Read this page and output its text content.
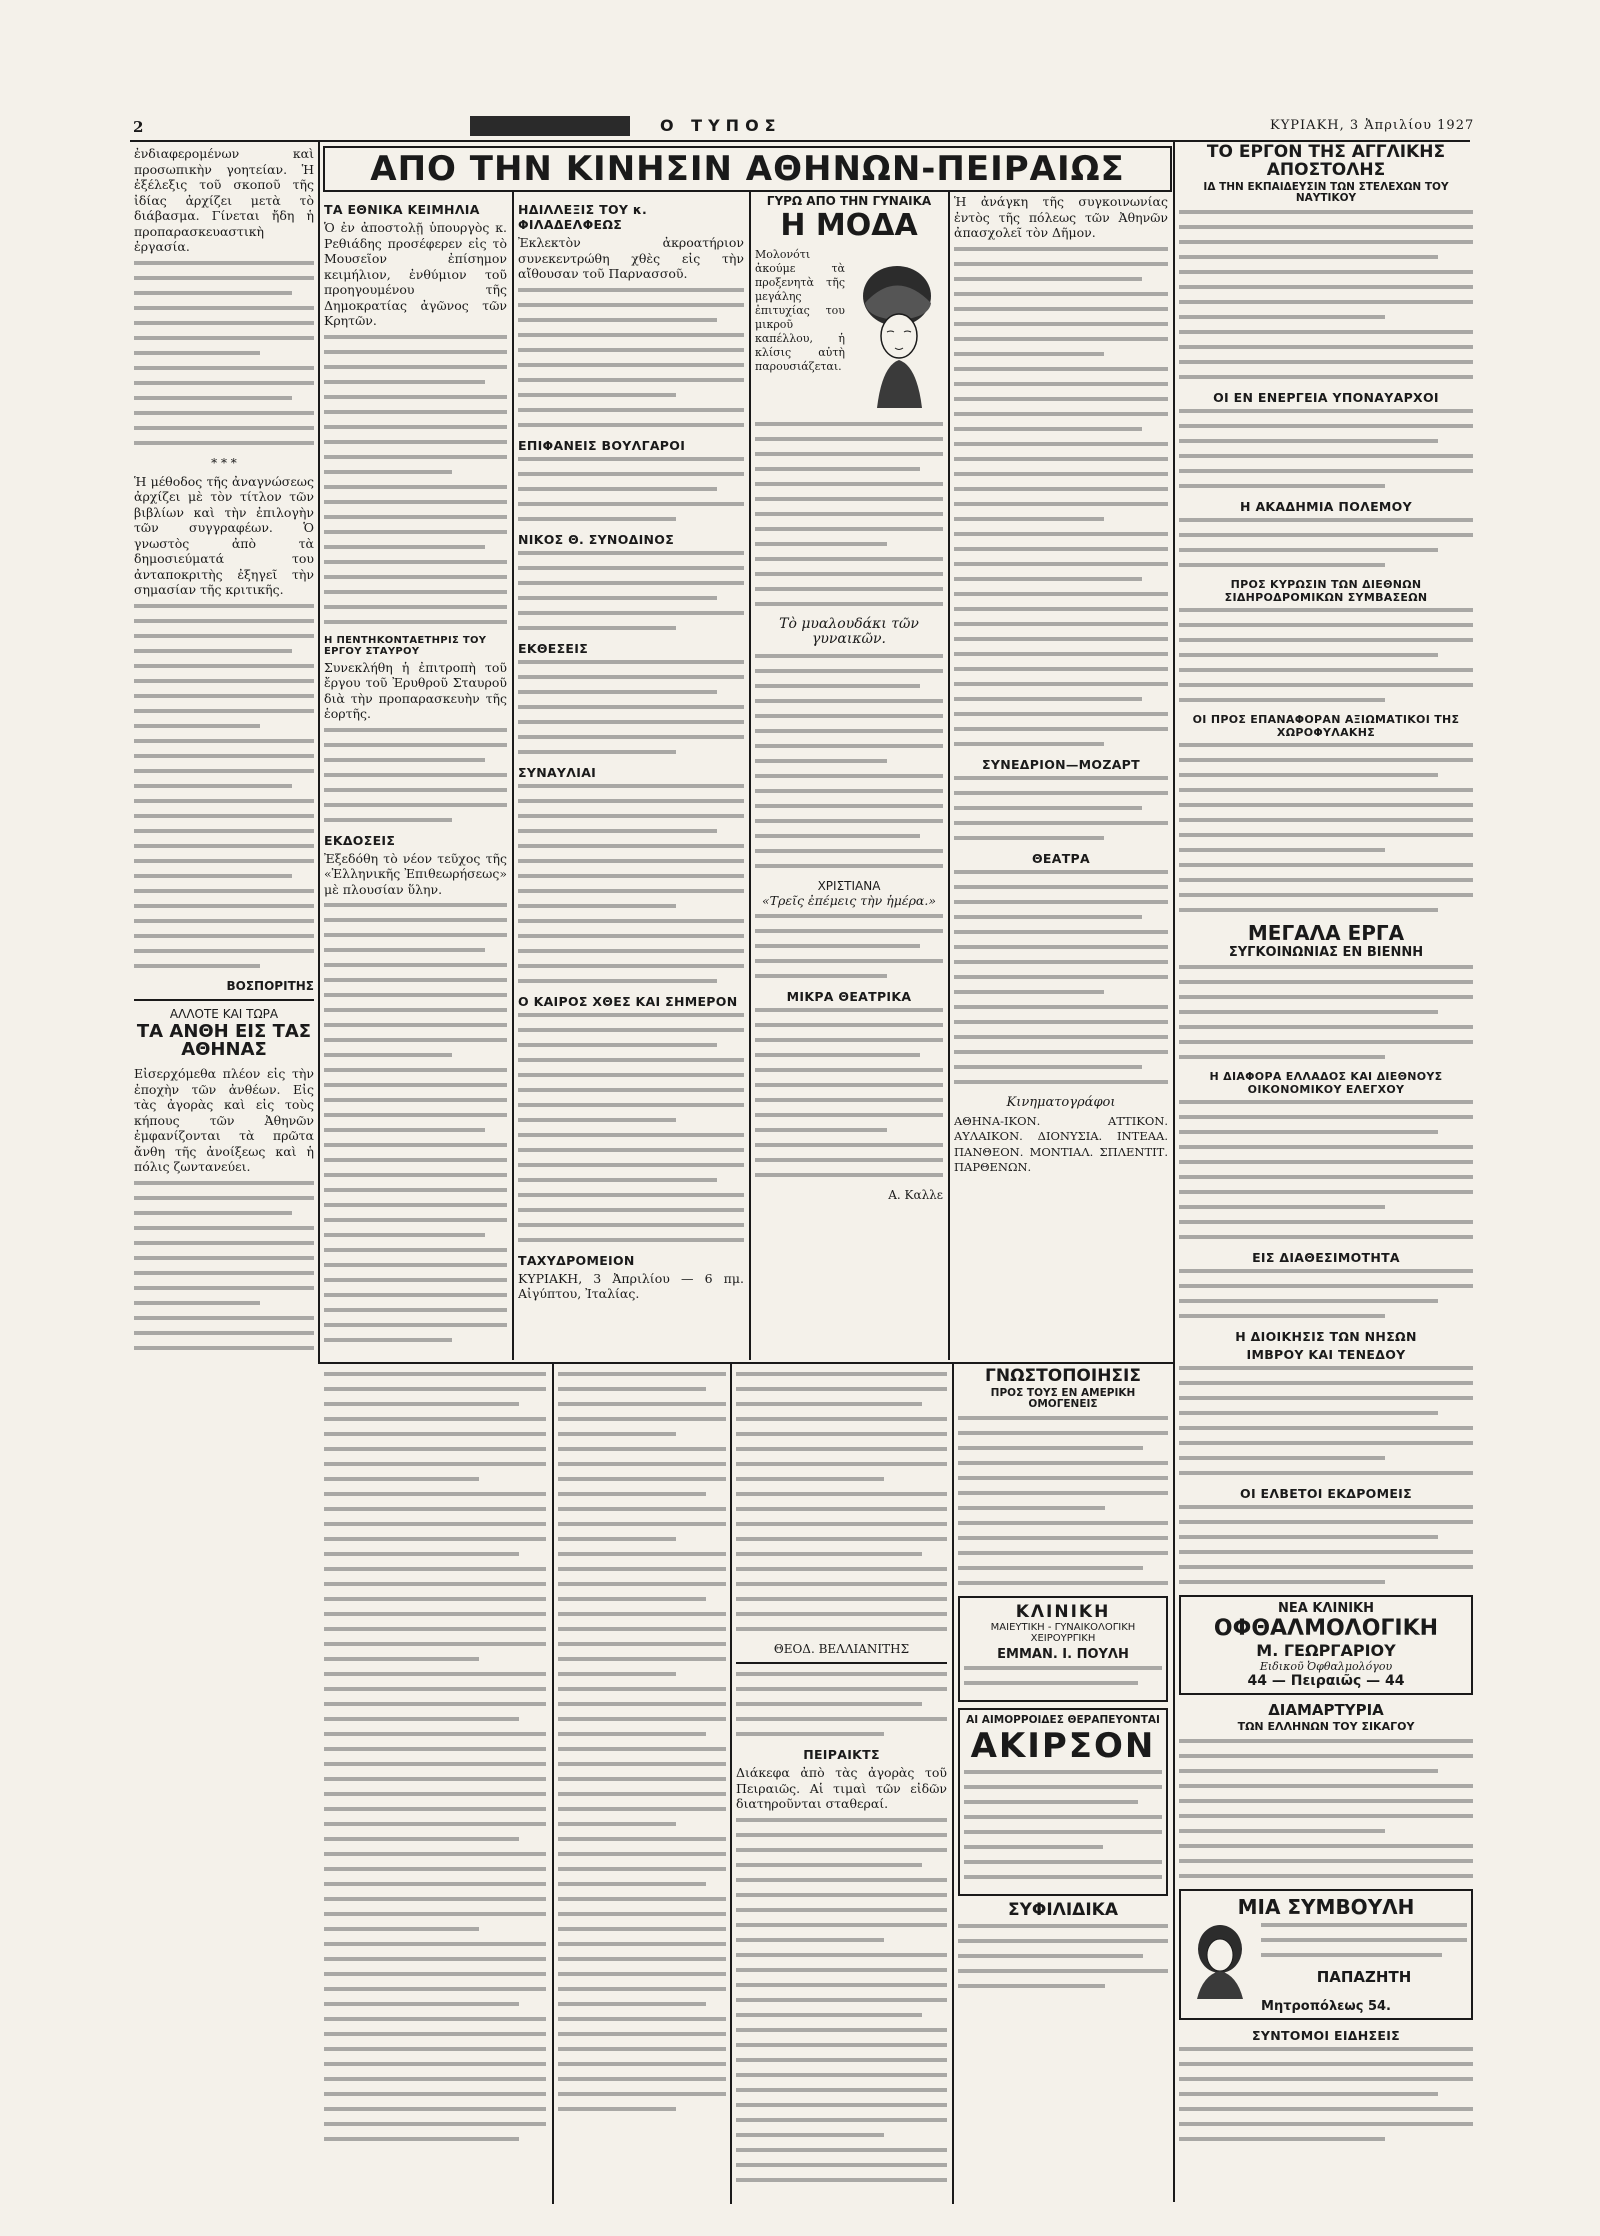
2	Ο ΤΥΠΟΣ	ΚΥΡΙΑΚΗ, 3 Ἀπριλίου 1927
ΑΠΟ ΤΗΝ ΚΙΝΗΣΙΝ ΑΘΗΝΩΝ-ΠΕΙΡΑΙΩΣ

ἐνδιαφερομένων καὶ προσωπικὴν γοητείαν. Ἡ ἐξέλεξις τοῦ σκοποῦ τῆς ἰδίας ἀρχίζει μετὰ τὸ διάβασμα. Γίνεται ἤδη ἡ προπαρασκευαστικὴ ἐργασία.

* * *

Ἡ μέθοδος τῆς ἀναγνώσεως ἀρχίζει μὲ τὸν τίτλον τῶν βιβλίων καὶ τὴν ἐπιλογὴν τῶν συγγραφέων. Ὁ γνωστὸς ἀπὸ τὰ δημοσιεύματά του ἀνταποκριτὴς ἐξηγεῖ τὴν σημασίαν τῆς κριτικῆς.

ΒΟΣΠΟΡΙΤΗΣ
ΑΛΛΟΤΕ ΚΑΙ ΤΩΡΑ
ΤΑ ΑΝΘΗ ΕΙΣ ΤΑΣ ΑΘΗΝΑΣ

Εἰσερχόμεθα πλέον εἰς τὴν ἐποχὴν τῶν ἀνθέων. Εἰς τὰς ἀγορὰς καὶ εἰς τοὺς κήπους τῶν Ἀθηνῶν ἐμφανίζονται τὰ πρῶτα ἄνθη τῆς ἀνοίξεως καὶ ἡ πόλις ζωντανεύει.

ΤΑ ΕΘΝΙΚΑ ΚΕΙΜΗΛΙΑ

Ὁ ἐν ἀποστολῇ ὑπουργὸς κ. Ρεθιάδης προσέφερεν εἰς τὸ Μουσεῖον ἐπίσημον κειμήλιον, ἐνθύμιον τοῦ προηγουμένου τῆς Δημοκρατίας ἀγῶνος τῶν Κρητῶν.

Η ΠΕΝΤΗΚΟΝΤΑΕΤΗΡΙΣ ΤΟΥ ΕΡΓΟΥ ΣΤΑΥΡΟΥ

Συνεκλήθη ἡ ἐπιτροπὴ τοῦ ἔργου τοῦ Ἐρυθροῦ Σταυροῦ διὰ τὴν προπαρασκευὴν τῆς ἑορτῆς.

ΕΚΔΟΣΕΙΣ

Ἐξεδόθη τὸ νέον τεῦχος τῆς «Ἑλληνικῆς Ἐπιθεωρήσεως» μὲ πλουσίαν ὕλην.

ΗΔΙΛΛΕΞΙΣ ΤΟΥ κ. ΦΙΛΑΔΕΛΦΕΩΣ

Ἐκλεκτὸν ἀκροατήριον συνεκεντρώθη χθὲς εἰς τὴν αἴθουσαν τοῦ Παρνασσοῦ.

ΕΠΙΦΑΝΕΙΣ ΒΟΥΛΓΑΡΟΙ
ΝΙΚΟΣ Θ. ΣΥΝΟΔΙΝΟΣ
ΕΚΘΕΣΕΙΣ
ΣΥΝΑΥΛΙΑΙ
Ο ΚΑΙΡΟΣ ΧΘΕΣ ΚΑΙ ΣΗΜΕΡΟΝ
ΤΑΧΥΔΡΟΜΕΙΟΝ

ΚΥΡΙΑΚΗ, 3 Ἀπριλίου — 6 πμ. Αἰγύπτου, Ἰταλίας.

ΓΥΡΩ ΑΠΟ ΤΗΝ ΓΥΝΑΙΚΑ
Η ΜΟΔΑ

Μολονότι ἀκούμε τὰ προξενητὰ τῆς μεγάλης ἐπιτυχίας του μικροῦ καπέλλου, ἡ κλίσις αὐτὴ παρουσιάζεται.

Τὸ μυαλουδάκι τῶν γυναικῶν.

ΧΡΙΣΤΙΑΝΑ

«Τρεῖς ἐπέμεις τὴν ἡμέρα.»

ΜΙΚΡΑ ΘΕΑΤΡΙΚΑ
Α. Καλλε

Ἡ ἀνάγκη τῆς συγκοινωνίας ἐντὸς τῆς πόλεως τῶν Ἀθηνῶν ἀπασχολεῖ τὸν Δῆμον.

ΣΥΝΕΔΡΙΟΝ—ΜΟΖΑΡΤ
ΘΕΑΤΡΑ
Κινηματογράφοι

ΑΘΗΝΑ-ΙΚΟΝ. ΑΤΤΙΚΟΝ. ΑΥΛΑΙΚΟΝ. ΔΙΟΝΥΣΙΑ. ΙΝΤΕΑΑ. ΠΑΝΘΕΟΝ. ΜΟΝΤΙΑΛ. ΣΠΛΕΝΤΙΤ. ΠΑΡΘΕΝΩΝ.

ΤΟ ΕΡΓΟΝ ΤΗΣ ΑΓΓΛΙΚΗΣ ΑΠΟΣΤΟΛΗΣ
ΙΔ ΤΗΝ ΕΚΠΑΙΔΕΥΣΙΝ ΤΩΝ ΣΤΕΛΕΧΩΝ ΤΟΥ ΝΑΥΤΙΚΟΥ
ΟΙ ΕΝ ΕΝΕΡΓΕΙΑ ΥΠΟΝΑΥΑΡΧΟΙ
Η ΑΚΑΔΗΜΙΑ ΠΟΛΕΜΟΥ
ΠΡΟΣ ΚΥΡΩΣΙΝ ΤΩΝ ΔΙΕΘΝΩΝ ΣΙΔΗΡΟΔΡΟΜΙΚΩΝ ΣΥΜΒΑΣΕΩΝ
ΟΙ ΠΡΟΣ ΕΠΑΝΑΦΟΡΑΝ ΑΞΙΩΜΑΤΙΚΟΙ ΤΗΣ ΧΩΡΟΦΥΛΑΚΗΣ
ΜΕΓΑΛΑ ΕΡΓΑ
ΣΥΓΚΟΙΝΩΝΙΑΣ ΕΝ ΒΙΕΝΝΗ
Η ΔΙΑΦΟΡΑ ΕΛΛΑΔΟΣ ΚΑΙ ΔΙΕΘΝΟΥΣ ΟΙΚΟΝΟΜΙΚΟΥ ΕΛΕΓΧΟΥ
ΕΙΣ ΔΙΑΘΕΣΙΜΟΤΗΤΑ
Η ΔΙΟΙΚΗΣΙΣ ΤΩΝ ΝΗΣΩΝ
ΙΜΒΡΟΥ ΚΑΙ ΤΕΝΕΔΟΥ
ΟΙ ΕΛΒΕΤΟΙ ΕΚΔΡΟΜΕΙΣ
ΝΕΑ ΚΛΙΝΙΚΗ
ΟΦΘΑΛΜΟΛΟΓΙΚΗ
Μ. ΓΕΩΡΓΑΡΙΟΥ
Ειδικοῦ Ὀφθαλμολόγου
44 — Πειραιῶς — 44
ΔΙΑΜΑΡΤΥΡΙΑ
ΤΩΝ ΕΛΛΗΝΩΝ ΤΟΥ ΣΙΚΑΓΟΥ
ΜΙΑ ΣΥΜΒΟΥΛΗ
ΠΑΠΑΖΗΤΗ
Μητροπόλεως 54.
ΣΥΝΤΟΜΟΙ ΕΙΔΗΣΕΙΣ
ΘΕΟΔ. ΒΕΛΛΙΑΝΙΤΗΣ
ΠΕΙΡΑΙΚΤΣ

Διάκεφα ἀπὸ τὰς ἀγορὰς τοῦ Πειραιῶς. Αἱ τιμαὶ τῶν εἰδῶν διατηροῦνται σταθεραί.

ΓΝΩΣΤΟΠΟΙΗΣΙΣ
ΠΡΟΣ ΤΟΥΣ ΕΝ ΑΜΕΡΙΚΗ ΟΜΟΓΕΝΕΙΣ
ΚΛΙΝΙΚΗ
ΜΑΙΕΥΤΙΚΗ - ΓΥΝΑΙΚΟΛΟΓΙΚΗ ΧΕΙΡΟΥΡΓΙΚΗ
ΕΜΜΑΝ. Ι. ΠΟΥΛΗ
ΑΙ ΑΙΜΟΡΡΟΙΔΕΣ ΘΕΡΑΠΕΥΟΝΤΑΙ
ΑΚΙΡΣΟΝ
ΣΥΦΙΛΙΔΙΚΑ
